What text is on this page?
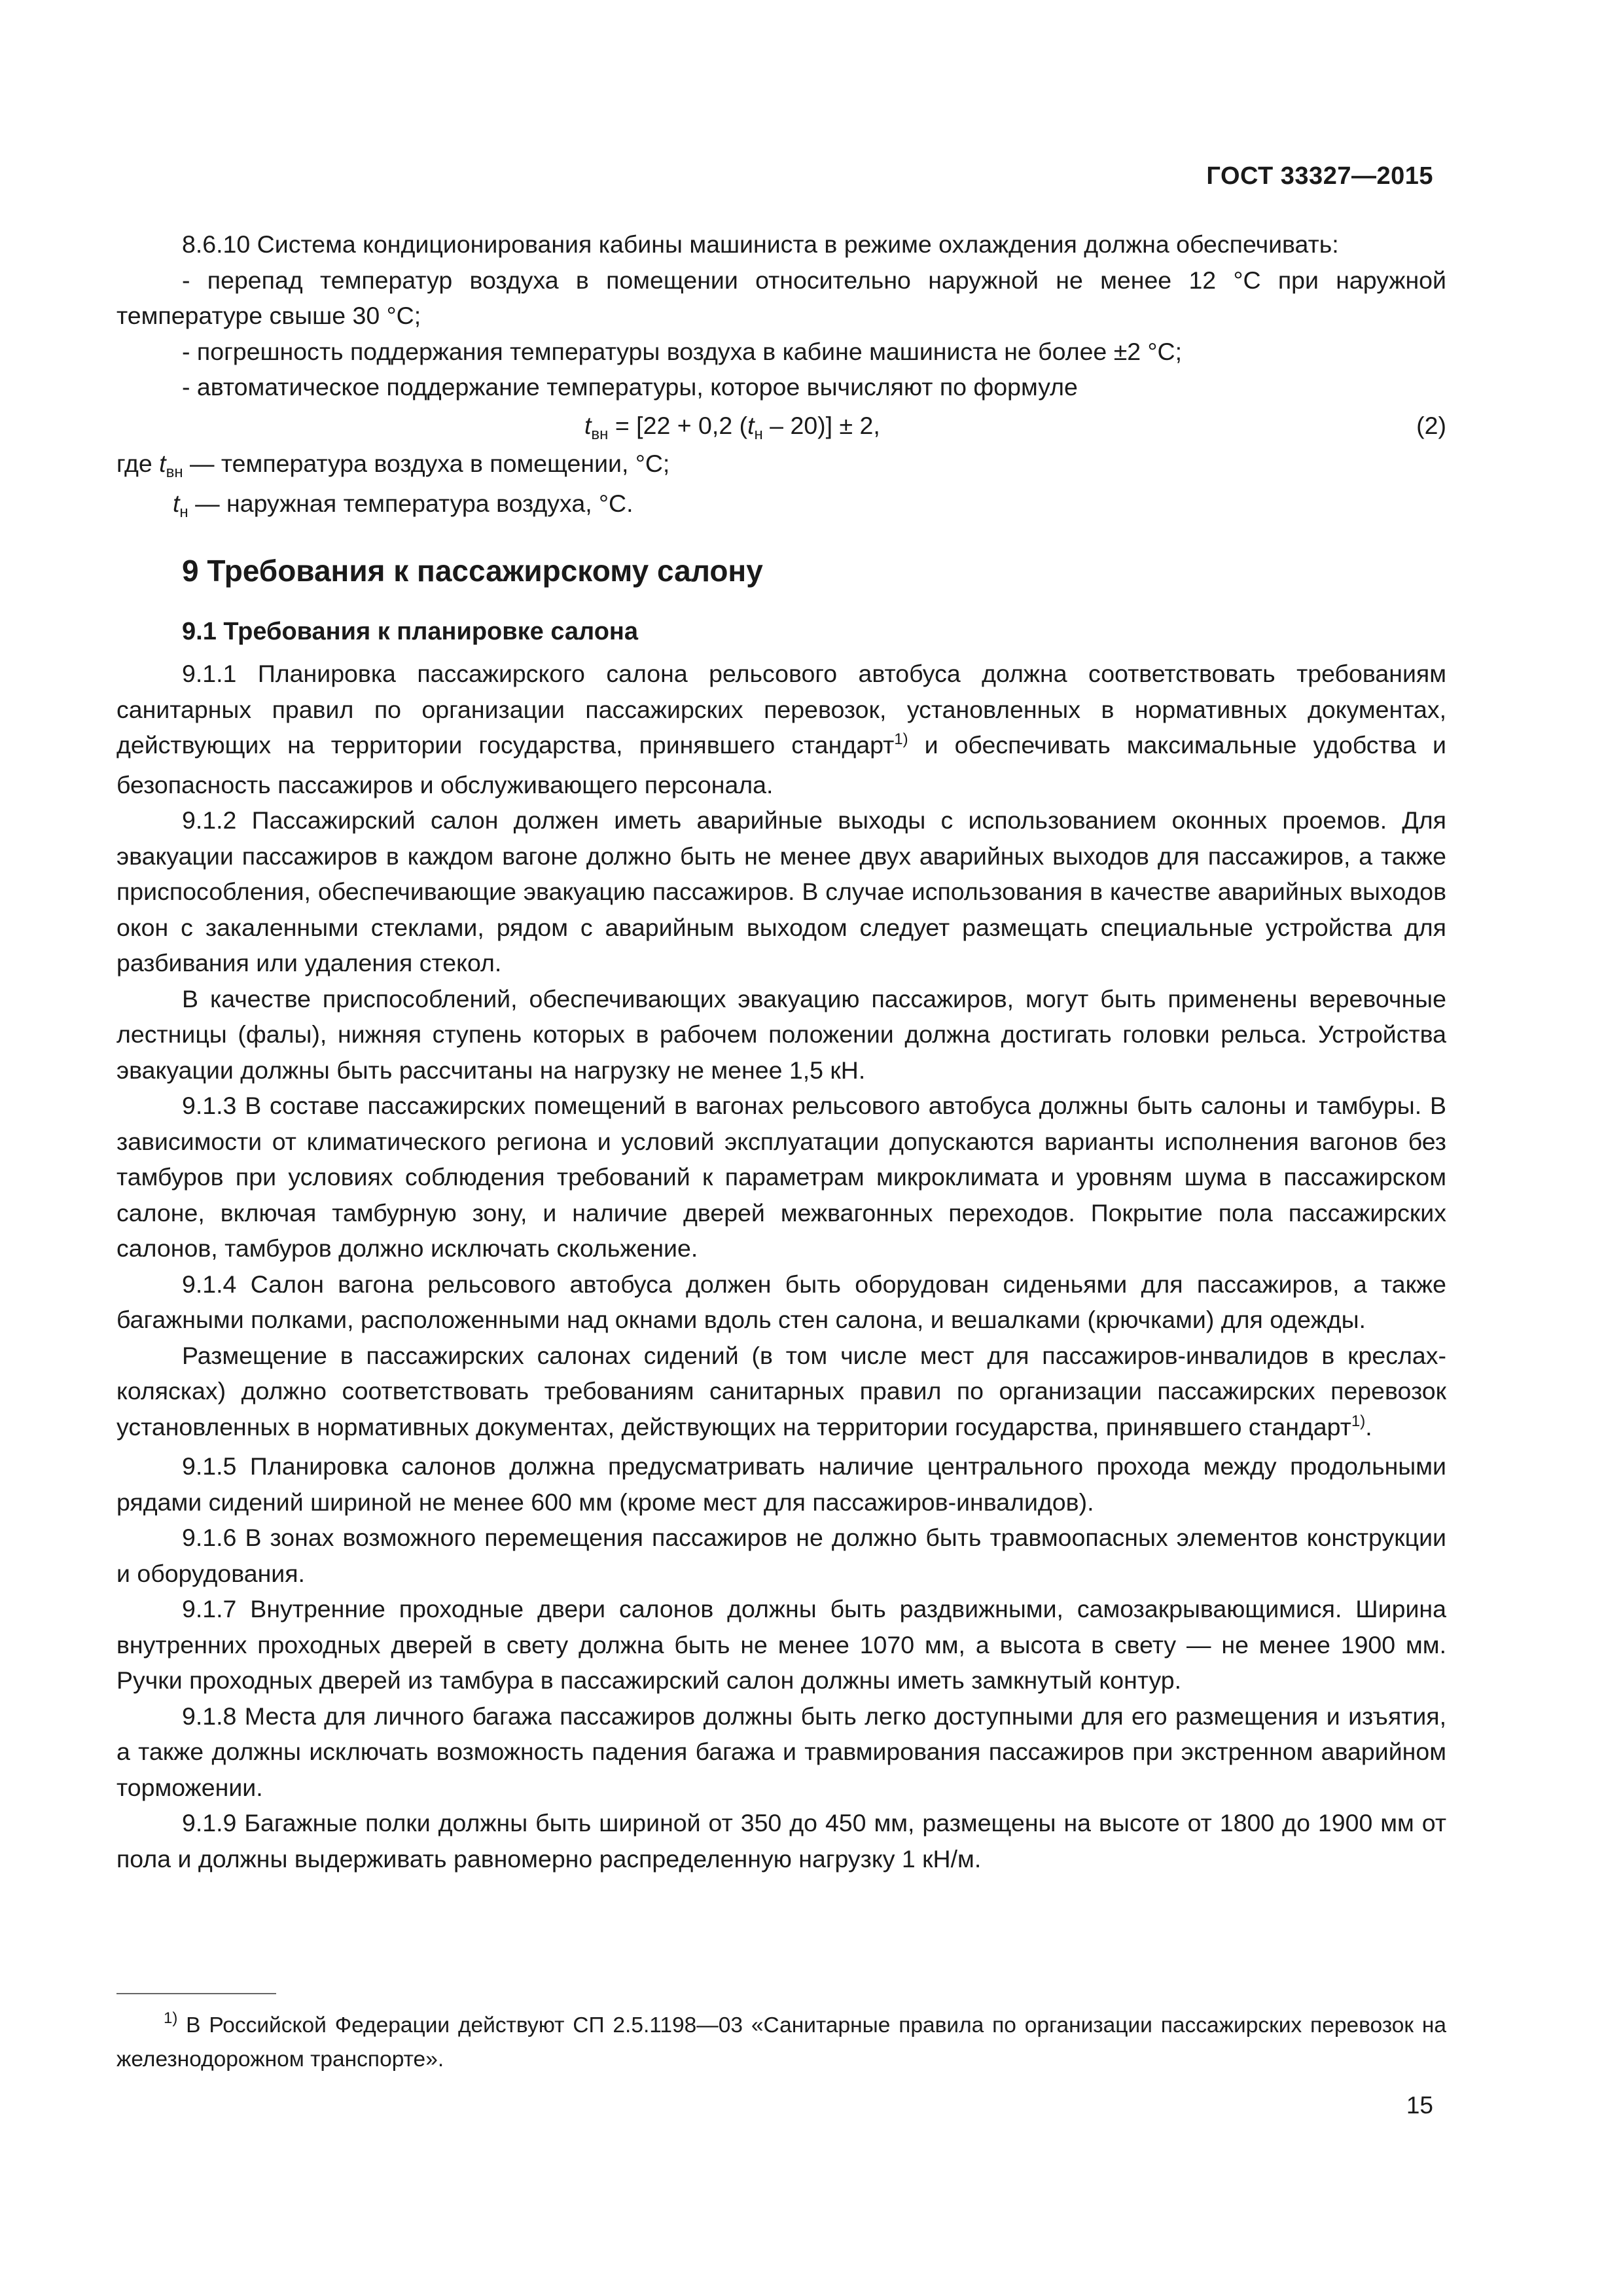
ГОСТ 33327—2015

8.6.10 Система кондиционирования кабины машиниста в режиме охлаждения должна обеспечивать:

- перепад температур воздуха в помещении относительно наружной не менее 12 °С при наружной температуре свыше 30 °С;

- погрешность поддержания температуры воздуха в кабине машиниста не более ±2 °С;

- автоматическое поддержание температуры, которое вычисляют по формуле

$t_{вн} = [22 + 0,2$ $(t_н - 20)] \pm 2$,	(2)

где $t_{вн}$ — температура воздуха в помещении, °С;

$t_н$ — наружная температура воздуха, °С.

9 Требования к пассажирскому салону
9.1 Требования к планировке салона

9.1.1 Планировка пассажирского салона рельсового автобуса должна соответствовать требованиям санитарных правил по организации пассажирских перевозок, установленных в нормативных документах, действующих на территории государства, принявшего стандарт$^{1)}$ и обеспечивать максимальные удобства и безопасность пассажиров и обслуживающего персонала.

9.1.2 Пассажирский салон должен иметь аварийные выходы с использованием оконных проемов. Для эвакуации пассажиров в каждом вагоне должно быть не менее двух аварийных выходов для пассажиров, а также приспособления, обеспечивающие эвакуацию пассажиров. В случае использования в качестве аварийных выходов окон с закаленными стеклами, рядом с аварийным выходом следует размещать специальные устройства для разбивания или удаления стекол.

В качестве приспособлений, обеспечивающих эвакуацию пассажиров, могут быть применены веревочные лестницы (фалы), нижняя ступень которых в рабочем положении должна достигать головки рельса. Устройства эвакуации должны быть рассчитаны на нагрузку не менее 1,5 кН.

9.1.3 В составе пассажирских помещений в вагонах рельсового автобуса должны быть салоны и тамбуры. В зависимости от климатического региона и условий эксплуатации допускаются варианты исполнения вагонов без тамбуров при условиях соблюдения требований к параметрам микроклимата и уровням шума в пассажирском салоне, включая тамбурную зону, и наличие дверей межвагонных переходов. Покрытие пола пассажирских салонов, тамбуров должно исключать скольжение.

9.1.4 Салон вагона рельсового автобуса должен быть оборудован сиденьями для пассажиров, а также багажными полками, расположенными над окнами вдоль стен салона, и вешалками (крючками) для одежды.

Размещение в пассажирских салонах сидений (в том числе мест для пассажиров-инвалидов в креслах-колясках) должно соответствовать требованиям санитарных правил по организации пассажирских перевозок установленных в нормативных документах, действующих на территории государства, принявшего стандарт$^{1)}$.

9.1.5 Планировка салонов должна предусматривать наличие центрального прохода между продольными рядами сидений шириной не менее 600 мм (кроме мест для пассажиров-инвалидов).

9.1.6 В зонах возможного перемещения пассажиров не должно быть травмоопасных элементов конструкции и оборудования.

9.1.7 Внутренние проходные двери салонов должны быть раздвижными, самозакрывающимися. Ширина внутренних проходных дверей в свету должна быть не менее 1070 мм, а высота в свету — не менее 1900 мм. Ручки проходных дверей из тамбура в пассажирский салон должны иметь замкнутый контур.

9.1.8 Места для личного багажа пассажиров должны быть легко доступными для его размещения и изъятия, а также должны исключать возможность падения багажа и травмирования пассажиров при экстренном аварийном торможении.

9.1.9 Багажные полки должны быть шириной от 350 до 450 мм, размещены на высоте от 1800 до 1900 мм от пола и должны выдерживать равномерно распределенную нагрузку 1 кН/м.

$^{1)}$ В Российской Федерации действуют СП 2.5.1198—03 «Санитарные правила по организации пассажирских перевозок на железнодорожном транспорте».

15
